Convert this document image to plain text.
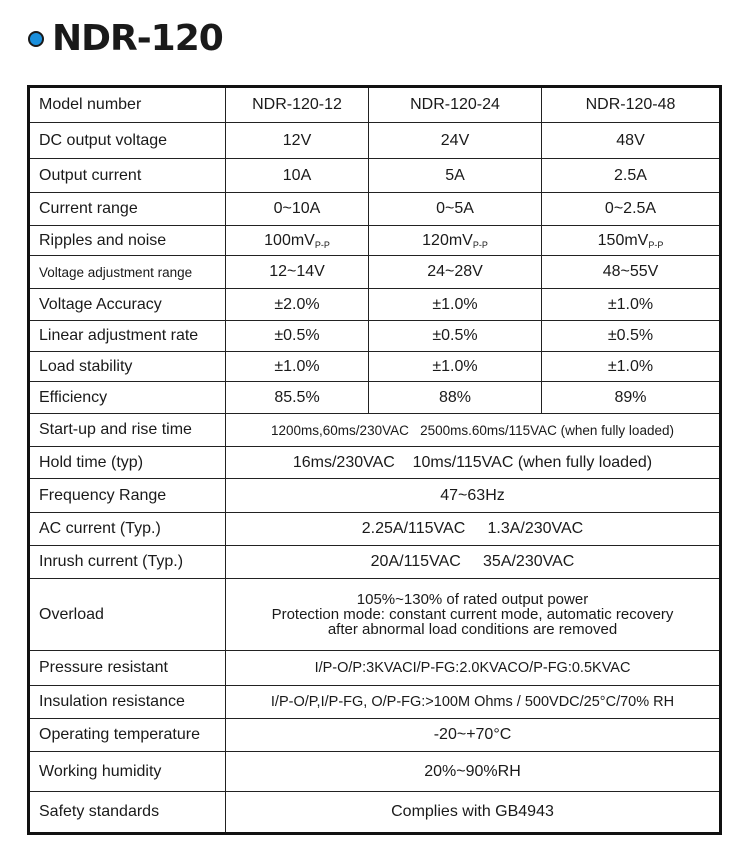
NDR-120
Model number	NDR-120-12	NDR-120-24	NDR-120-48
DC output voltage	12V	24V	48V
Output current	10A	5A	2.5A
Current range	0~10A	0~5A	0~2.5A
Ripples and noise	$100mV_{P-P}$	$120mV_{P-P}$	$150mV_{P-P}$
Voltage adjustment range	12~14V	24~28V	48~55V
Voltage Accuracy	±2.0%	±1.0%	±1.0%
Linear adjustment rate	±0.5%	±0.5%	±0.5%
Load stability	±1.0%	±1.0%	±1.0%
Efficiency	85.5%	88%	89%
Start-up and rise time	1200ms,60ms/230VAC   2500ms.60ms/115VAC (when fully loaded)		
Hold time (typ)	16ms/230VAC    10ms/115VAC (when fully loaded)		
Frequency Range	47~63Hz		
AC current (Typ.)	2.25A/115VAC     1.3A/230VAC		
Inrush current (Typ.)	20A/115VAC     35A/230VAC		
Overload	105%~130% of rated output power
Protection mode: constant current mode, automatic recovery
after abnormal load conditions are removed		

Pressure resistant	I/P-O/P:3KVACI/P-FG:2.0KVACO/P-FG:0.5KVAC		
Insulation resistance	I/P-O/P,I/P-FG, O/P-FG:>100M Ohms / 500VDC/25°C/70% RH		
Operating temperature	-20~+70°C		
Working humidity	20%~90%RH		
Safety standards	Complies with GB4943		
